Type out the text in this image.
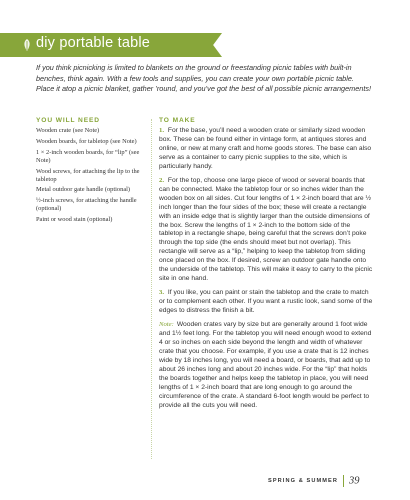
diy portable table
If you think picnicking is limited to blankets on the ground or freestanding picnic tables with built-in benches, think again. With a few tools and supplies, you can create your own portable picnic table. Place it atop a picnic blanket, gather ’round, and you’ve got the best of all possible picnic arrangements!
YOU WILL NEED
Wooden crate (see Note)
Wooden boards, for tabletop (see Note)
1 × 2-inch wooden boards, for “lip” (see Note)
Wood screws, for attaching the lip to the tabletop
Metal outdoor gate handle (optional)
½-inch screws, for attaching the handle (optional)
Paint or wood stain (optional)
TO MAKE

1. For the base, you’ll need a wooden crate or similarly sized wooden box. These can be found either in vintage form, at antiques stores and online, or new at many craft and home goods stores. The base can also serve as a container to carry picnic supplies to the site, which is particularly handy.

2. For the top, choose one large piece of wood or several boards that can be connected. Make the tabletop four or so inches wider than the wooden box on all sides. Cut four lengths of 1 × 2-inch board that are ½ inch longer than the four sides of the box; these will create a rectangle with an inside edge that is slightly larger than the outside dimensions of the box. Screw the lengths of 1 × 2-inch to the bottom side of the tabletop in a rectangle shape, being careful that the screws don’t poke through the top side (the ends should meet but not overlap). This rectangle will serve as a “lip,” helping to keep the tabletop from sliding once placed on the box. If desired, screw an outdoor gate handle onto the underside of the tabletop. This will make it easy to carry to the picnic site in one hand.

3. If you like, you can paint or stain the tabletop and the crate to match or to complement each other. If you want a rustic look, sand some of the edges to distress the finish a bit.

Note: Wooden crates vary by size but are generally around 1 foot wide and 1½ feet long. For the tabletop you will need enough wood to extend 4 or so inches on each side beyond the length and width of whatever crate that you choose. For example, if you use a crate that is 12 inches wide by 18 inches long, you will need a board, or boards, that add up to about 26 inches long and about 20 inches wide. For the “lip” that holds the boards together and helps keep the tabletop in place, you will need lengths of 1 × 2-inch board that are long enough to go around the circumference of the crate. A standard 6-foot length would be perfect to provide all the cuts you will need.

SPRING & SUMMER 39
